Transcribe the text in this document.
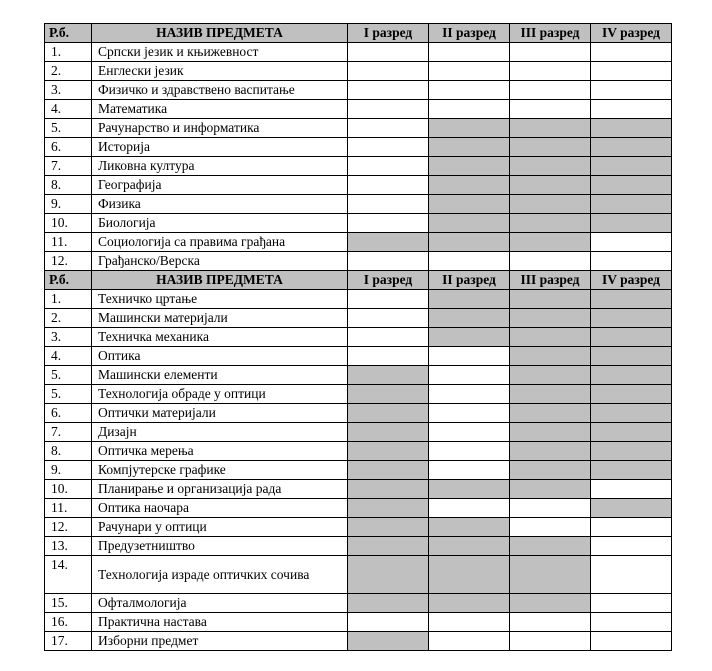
Р.б.	НАЗИВ ПРЕДМЕТА	I разред	II разред	III разред	IV разред
1.	Српски језик и књижевност				
2.	Енглески језик				
3.	Физичко и здравствено васпитање				
4.	Математика				
5.	Рачунарство и информатика				
6.	Историја				
7.	Ликовна култура				
8.	Географија				
9.	Физика				
10.	Биологија				
11.	Социологија са правима грађана				
12.	Грађанско/Верска				
Р.б.	НАЗИВ ПРЕДМЕТА	I разред	II разред	III разред	IV разред
1.	Техничко цртање				
2.	Машински материјали				
3.	Техничка механика				
4.	Оптика				
5.	Машински елементи				
5.	Технологија обраде у оптици				
6.	Оптички материјали				
7.	Дизајн				
8.	Оптичка мерења				
9.	Компјутерске графике				
10.	Планирање и организација рада				
11.	Оптика наочара				
12.	Рачунари у оптици				
13.	Предузетништво				
14.	Технологија израде оптичких сочива				
15.	Офталмологија				
16.	Практична настава				
17.	Изборни предмет				
